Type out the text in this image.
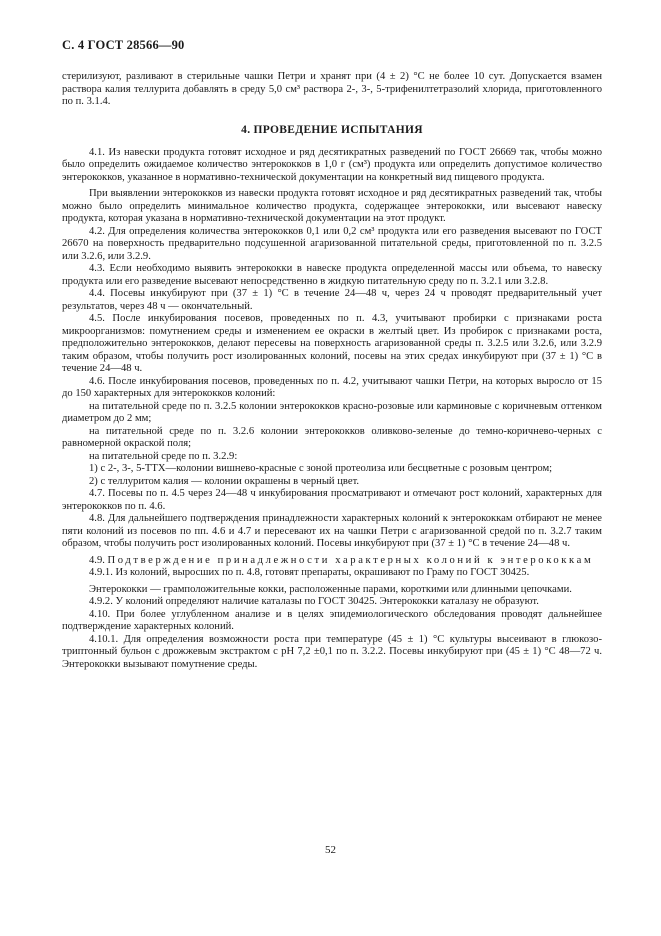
С. 4 ГОСТ 28566—90

стерилизуют, разливают в стерильные чашки Петри и хранят при (4 ± 2) °С не более 10 сут. Допускается взамен раствора калия теллурита добавлять в среду 5,0 см³ раствора 2-, 3-, 5-трифенилтетразолий хлорида, приготовленного по п. 3.1.4.

4. ПРОВЕДЕНИЕ ИСПЫТАНИЯ

4.1. Из навески продукта готовят исходное и ряд десятикратных разведений по ГОСТ 26669 так, чтобы можно было определить ожидаемое количество энтерококков в 1,0 г (см³) продукта или определить допустимое количество энтерококков, указанное в нормативно-технической документации на конкретный вид пищевого продукта.

При выявлении энтерококков из навески продукта готовят исходное и ряд десятикратных разведений так, чтобы можно было определить минимальное количество продукта, содержащее энтерококки, или высевают навеску продукта, которая указана в нормативно-технической документации на этот продукт.

4.2. Для определения количества энтерококков 0,1 или 0,2 см³ продукта или его разведения высевают по ГОСТ 26670 на поверхность предварительно подсушенной агаризованной питательной среды, приготовленной по п. 3.2.5 или 3.2.6, или 3.2.9.

4.3. Если необходимо выявить энтерококки в навеске продукта определенной массы или объема, то навеску продукта или его разведение высевают непосредственно в жидкую питательную среду по п. 3.2.1 или 3.2.8.

4.4. Посевы инкубируют при (37 ± 1) °С в течение 24—48 ч, через 24 ч проводят предварительный учет результатов, через 48 ч — окончательный.

4.5. После инкубирования посевов, проведенных по п. 4.3, учитывают пробирки с признаками роста микроорганизмов: помутнением среды и изменением ее окраски в желтый цвет. Из пробирок с признаками роста, предположительно энтерококков, делают пересевы на поверхность агаризованной среды п. 3.2.5 или 3.2.6, или 3.2.9 таким образом, чтобы получить рост изолированных колоний, посевы на этих средах инкубируют при (37 ± 1) °С в течение 24—48 ч.

4.6. После инкубирования посевов, проведенных по п. 4.2, учитывают чашки Петри, на которых выросло от 15 до 150 характерных для энтерококков колоний:

на питательной среде по п. 3.2.5 колонии энтерококков красно-розовые или карминовые с коричневым оттенком диаметром до 2 мм;

на питательной среде по п. 3.2.6 колонии энтерококков оливково-зеленые до темно-коричнево-черных с равномерной окраской поля;

на питательной среде по п. 3.2.9:

1) с 2-, 3-, 5-ТТХ—колонии вишнево-красные с зоной протеолиза или бесцветные с розовым центром;

2) с теллуритом калия — колонии окрашены в черный цвет.

4.7. Посевы по п. 4.5 через 24—48 ч инкубирования просматривают и отмечают рост колоний, характерных для энтерококков по п. 4.6.

4.8. Для дальнейшего подтверждения принадлежности характерных колоний к энтерококкам отбирают не менее пяти колоний из посевов по пп. 4.6 и 4.7 и пересевают их на чашки Петри с агаризованной средой по п. 3.2.7 таким образом, чтобы получить рост изолированных колоний. Посевы инкубируют при (37 ± 1) °С в течение 24—48 ч.

4.9. Подтверждение принадлежности характерных колоний к энтерококкам

4.9.1. Из колоний, выросших по п. 4.8, готовят препараты, окрашивают по Граму по ГОСТ 30425.

Энтерококки — грамположительные кокки, расположенные парами, короткими или длинными цепочками.

4.9.2. У колоний определяют наличие каталазы по ГОСТ 30425. Энтерококки каталазу не образуют.

4.10. При более углубленном анализе и в целях эпидемиологического обследования проводят дальнейшее подтверждение характерных колоний.

4.10.1. Для определения возможности роста при температуре (45 ± 1) °С культуры высеивают в глюкозо-триптонный бульон с дрожжевым экстрактом с рН 7,2 ±0,1 по п. 3.2.2. Посевы инкубируют при (45 ± 1) °С 48—72 ч. Энтерококки вызывают помутнение среды.

52
